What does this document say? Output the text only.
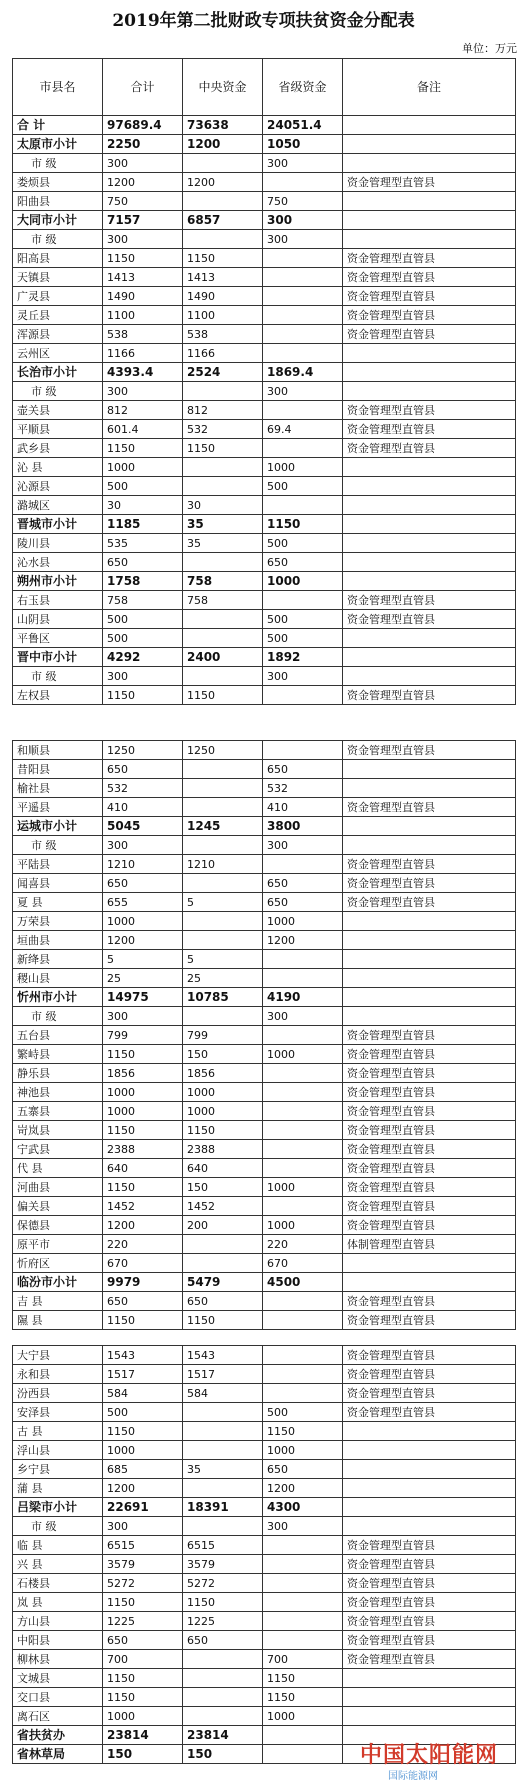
2019年第二批财政专项扶贫资金分配表
单位：万元
市县名	合计	中央资金	省级资金	备注
合 计	97689.4	73638	24051.4	
太原市小计	2250	1200	1050	
市 级	300		300	
娄烦县	1200	1200		资金管理型直管县
阳曲县	750		750	
大同市小计	7157	6857	300	
市 级	300		300	
阳高县	1150	1150		资金管理型直管县
天镇县	1413	1413		资金管理型直管县
广灵县	1490	1490		资金管理型直管县
灵丘县	1100	1100		资金管理型直管县
浑源县	538	538		资金管理型直管县
云州区	1166	1166		
长治市小计	4393.4	2524	1869.4	
市 级	300		300	
壶关县	812	812		资金管理型直管县
平顺县	601.4	532	69.4	资金管理型直管县
武乡县	1150	1150		资金管理型直管县
沁 县	1000		1000	
沁源县	500		500	
潞城区	30	30		
晋城市小计	1185	35	1150	
陵川县	535	35	500	
沁水县	650		650	
朔州市小计	1758	758	1000	
右玉县	758	758		资金管理型直管县
山阴县	500		500	资金管理型直管县
平鲁区	500		500	
晋中市小计	4292	2400	1892	
市 级	300		300	
左权县	1150	1150		资金管理型直管县
和顺县	1250	1250		资金管理型直管县
昔阳县	650		650	
榆社县	532		532	
平遥县	410		410	资金管理型直管县
运城市小计	5045	1245	3800	
市 级	300		300	
平陆县	1210	1210		资金管理型直管县
闻喜县	650		650	资金管理型直管县
夏 县	655	5	650	资金管理型直管县
万荣县	1000		1000	
垣曲县	1200		1200	
新绛县	5	5		
稷山县	25	25		
忻州市小计	14975	10785	4190	
市 级	300		300	
五台县	799	799		资金管理型直管县
繁峙县	1150	150	1000	资金管理型直管县
静乐县	1856	1856		资金管理型直管县
神池县	1000	1000		资金管理型直管县
五寨县	1000	1000		资金管理型直管县
岢岚县	1150	1150		资金管理型直管县
宁武县	2388	2388		资金管理型直管县
代 县	640	640		资金管理型直管县
河曲县	1150	150	1000	资金管理型直管县
偏关县	1452	1452		资金管理型直管县
保德县	1200	200	1000	资金管理型直管县
原平市	220		220	体制管理型直管县
忻府区	670		670	
临汾市小计	9979	5479	4500	
吉 县	650	650		资金管理型直管县
隰 县	1150	1150		资金管理型直管县
大宁县	1543	1543		资金管理型直管县
永和县	1517	1517		资金管理型直管县
汾西县	584	584		资金管理型直管县
安泽县	500		500	资金管理型直管县
古 县	1150		1150	
浮山县	1000		1000	
乡宁县	685	35	650	
蒲 县	1200		1200	
吕梁市小计	22691	18391	4300	
市 级	300		300	
临 县	6515	6515		资金管理型直管县
兴 县	3579	3579		资金管理型直管县
石楼县	5272	5272		资金管理型直管县
岚 县	1150	1150		资金管理型直管县
方山县	1225	1225		资金管理型直管县
中阳县	650	650		资金管理型直管县
柳林县	700		700	资金管理型直管县
文城县	1150		1150	
交口县	1150		1150	
离石区	1000		1000	
省扶贫办	23814	23814		
省林草局	150	150			中国太阳能网
国际能源网
